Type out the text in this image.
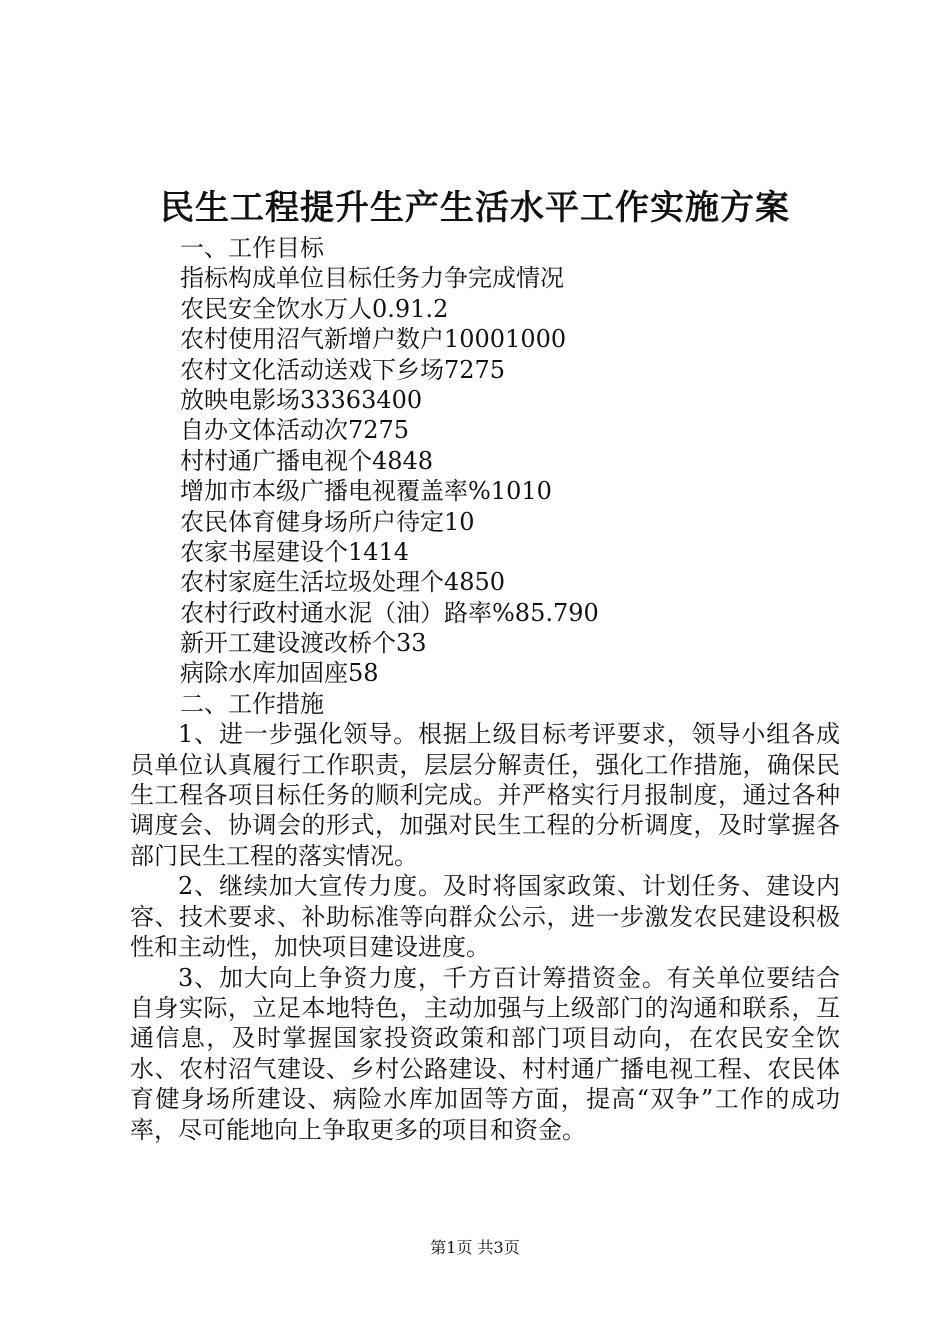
民生工程提升生产生活水平工作实施方案
一、工作目标
指标构成单位目标任务力争完成情况
农民安全饮水万人0.91.2
农村使用沼气新增户数户10001000
农村文化活动送戏下乡场7275
放映电影场33363400
自办文体活动次7275
村村通广播电视个4848
增加市本级广播电视覆盖率%1010
农民体育健身场所户待定10
农家书屋建设个1414
农村家庭生活垃圾处理个4850
农村行政村通水泥（油）路率%85.790
新开工建设渡改桥个33
病除水库加固座58
二、工作措施

1、进一步强化领导。根据上级目标考评要求，领导小组各成员单位认真履行工作职责，层层分解责任，强化工作措施，确保民生工程各项目标任务的顺利完成。并严格实行月报制度，通过各种调度会、协调会的形式，加强对民生工程的分析调度，及时掌握各部门民生工程的落实情况。

2、继续加大宣传力度。及时将国家政策、计划任务、建设内容、技术要求、补助标准等向群众公示，进一步激发农民建设积极性和主动性，加快项目建设进度。

3、加大向上争资力度，千方百计筹措资金。有关单位要结合自身实际，立足本地特色，主动加强与上级部门的沟通和联系，互通信息，及时掌握国家投资政策和部门项目动向，在农民安全饮水、农村沼气建设、乡村公路建设、村村通广播电视工程、农民体育健身场所建设、病险水库加固等方面，提高“双争”工作的成功率，尽可能地向上争取更多的项目和资金。

第1页 共3页
